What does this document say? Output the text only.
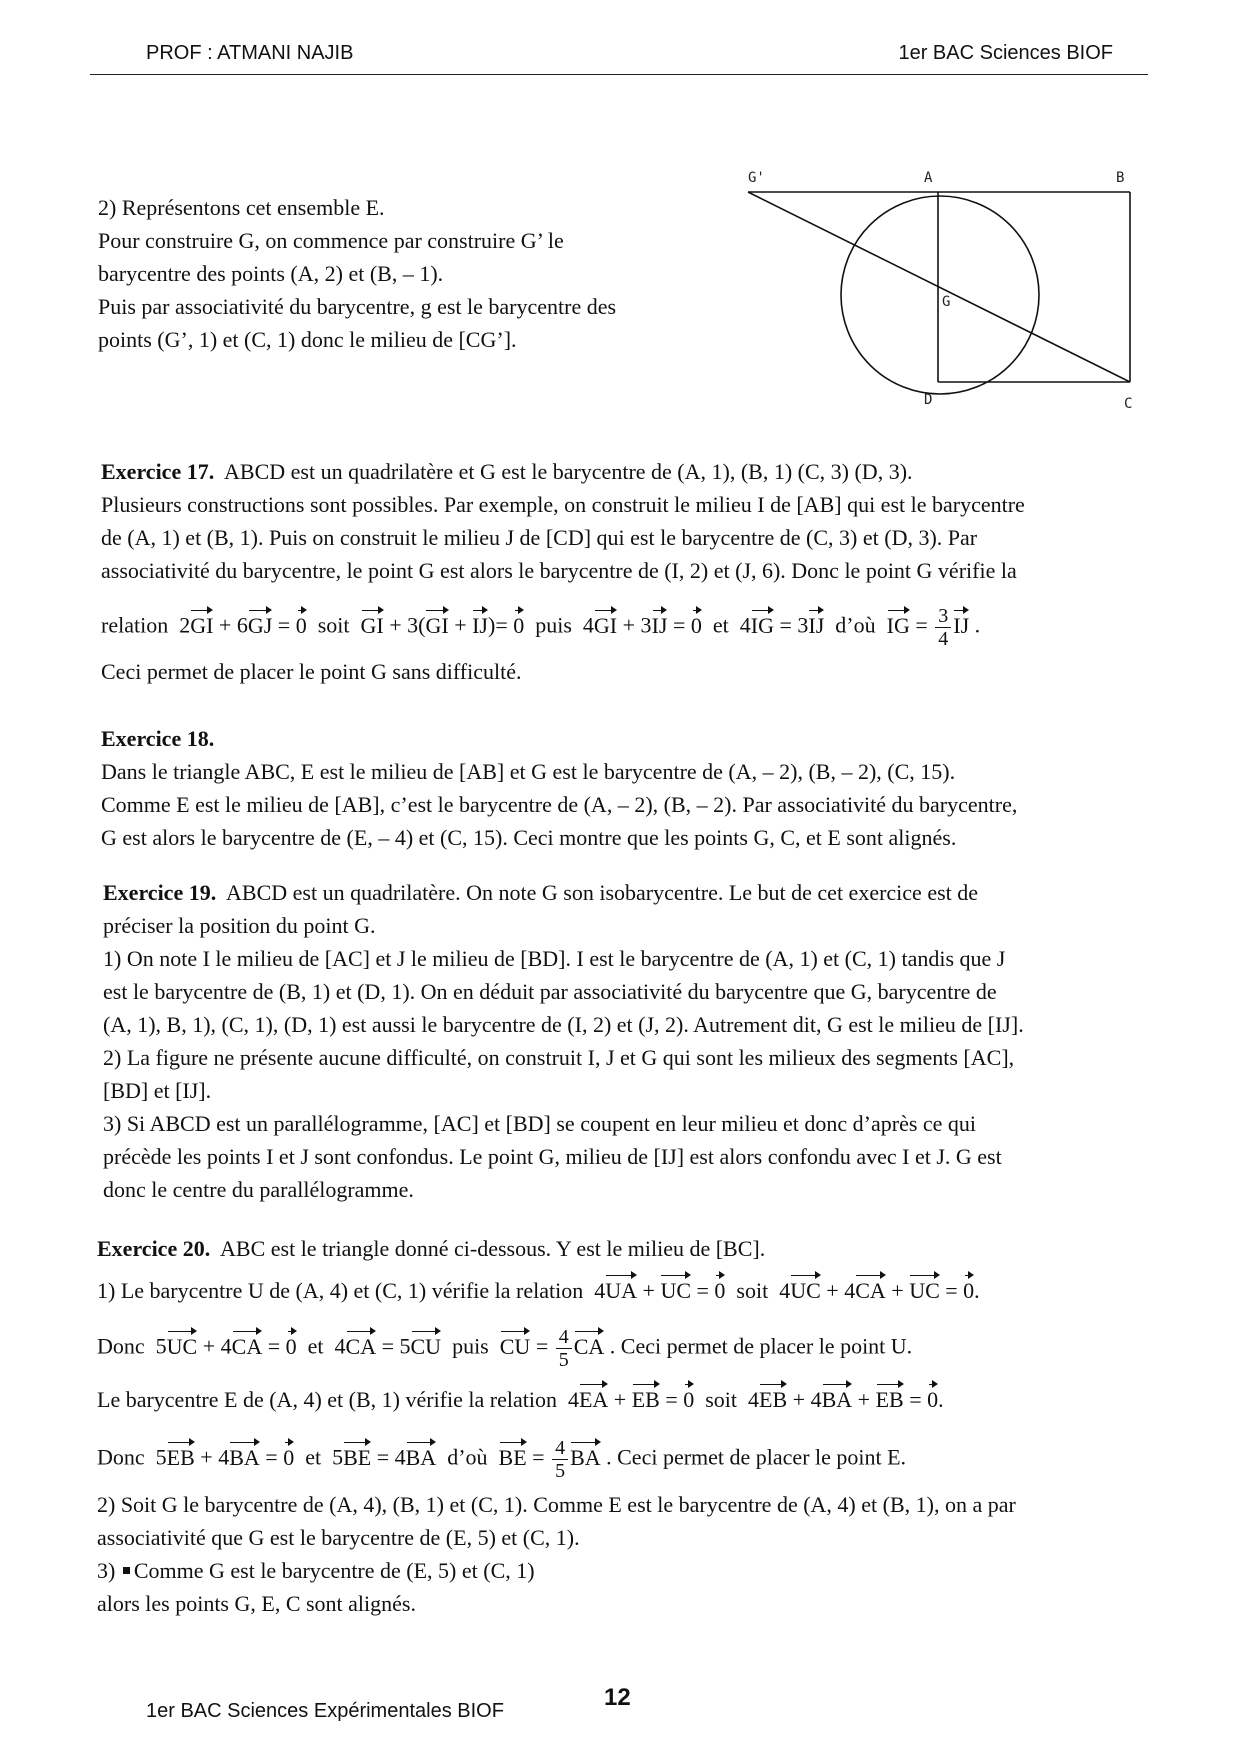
PROF : ATMANI NAJIB	1er BAC Sciences BIOF
G'	A	B
G
D	C
2) Représentons cet ensemble E.
Pour construire G, on commence par construire G’ le
barycentre des points (A, 2) et (B, – 1).
Puis par associativité du barycentre, g est le barycentre des
points (G’, 1) et (C, 1) donc le milieu de [CG’].
Exercice 17. ABCD est un quadrilatère et G est le barycentre de (A, 1), (B, 1) (C, 3) (D, 3).
Plusieurs constructions sont possibles. Par exemple, on construit le milieu I de [AB] qui est le barycentre
de (A, 1) et (B, 1). Puis on construit le milieu J de [CD] qui est le barycentre de (C, 3) et (D, 3). Par
associativité du barycentre, le point G est alors le barycentre de (I, 2) et (J, 6). Donc le point G vérifie la
relation  2GI + 6GJ = 0 soit GI + 3(GI + IJ)= 0 puis  4GI + 3IJ = 0 et  4IG = 3IJ d’où IG = $\frac{3}{4}$ IJ .
Ceci permet de placer le point G sans difficulté.
Exercice 18.
Dans le triangle ABC, E est le milieu de [AB] et G est le barycentre de (A, – 2), (B, – 2), (C, 15).
Comme E est le milieu de [AB], c’est le barycentre de (A, – 2), (B, – 2). Par associativité du barycentre,
G est alors le barycentre de (E, – 4) et (C, 15). Ceci montre que les points G, C, et E sont alignés.
Exercice 19. ABCD est un quadrilatère. On note G son isobarycentre. Le but de cet exercice est de
préciser la position du point G.
1) On note I le milieu de [AC] et J le milieu de [BD]. I est le barycentre de (A, 1) et (C, 1) tandis que J
est le barycentre de (B, 1) et (D, 1). On en déduit par associativité du barycentre que G, barycentre de
(A, 1), B, 1), (C, 1), (D, 1) est aussi le barycentre de (I, 2) et (J, 2). Autrement dit, G est le milieu de [IJ].
2) La figure ne présente aucune difficulté, on construit I, J et G qui sont les milieux des segments [AC],
[BD] et [IJ].
3) Si ABCD est un parallélogramme, [AC] et [BD] se coupent en leur milieu et donc d’après ce qui
précède les points I et J sont confondus. Le point G, milieu de [IJ] est alors confondu avec I et J. G est
donc le centre du parallélogramme.
Exercice 20. ABC est le triangle donné ci-dessous. Y est le milieu de [BC].
1) Le barycentre U de (A, 4) et (C, 1) vérifie la relation  4UA + UC = 0 soit  4UC + 4CA + UC = 0.
Donc  5UC + 4CA = 0 et  4CA = 5CU puis CU = $\frac{4}{5}$ CA . Ceci permet de placer le point U.
Le barycentre E de (A, 4) et (B, 1) vérifie la relation  4EA + EB = 0 soit  4EB + 4BA + EB = 0.
Donc  5EB + 4BA = 0 et  5BE = 4BA d’où BE = $\frac{4}{5}$ BA . Ceci permet de placer le point E.
2) Soit G le barycentre de (A, 4), (B, 1) et (C, 1). Comme E est le barycentre de (A, 4) et (B, 1), on a par
associativité que G est le barycentre de (E, 5) et (C, 1).
3) Comme G est le barycentre de (E, 5) et (C, 1)
alors les points G, E, C sont alignés.
1er BAC Sciences Expérimentales BIOF	12
